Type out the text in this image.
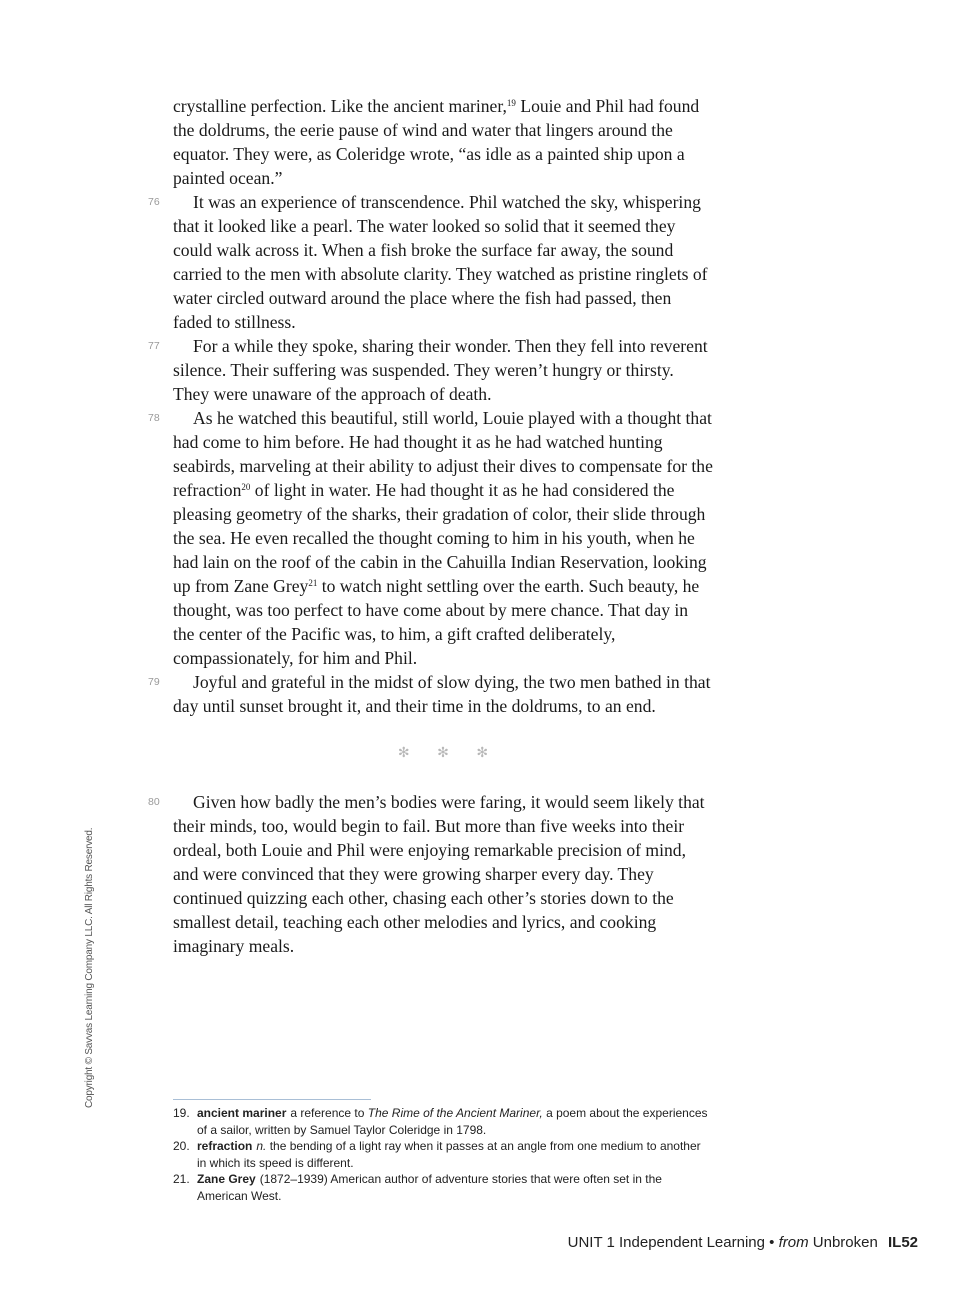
Copyright © Savvas Learning Company LLC. All Rights Reserved.
crystalline perfection. Like the ancient mariner,$^{19}$ Louie and Phil had found the doldrums, the eerie pause of wind and water that lingers around the equator. They were, as Coleridge wrote, “as idle as a painted ship upon a painted ocean.”
76	It was an experience of transcendence. Phil watched the sky, whispering that it looked like a pearl. The water looked so solid that it seemed they could walk across it. When a fish broke the surface far away, the sound carried to the men with absolute clarity. They watched as pristine ringlets of water circled outward around the place where the fish had passed, then faded to stillness.
77	For a while they spoke, sharing their wonder. Then they fell into reverent silence. Their suffering was suspended. They weren’t hungry or thirsty. They were unaware of the approach of death.
78	As he watched this beautiful, still world, Louie played with a thought that had come to him before. He had thought it as he had watched hunting seabirds, marveling at their ability to adjust their dives to compensate for the refraction$^{20}$ of light in water. He had thought it as he had considered the pleasing geometry of the sharks, their gradation of color, their slide through the sea. He even recalled the thought coming to him in his youth, when he had lain on the roof of the cabin in the Cahuilla Indian Reservation, looking up from Zane Grey$^{21}$ to watch night settling over the earth. Such beauty, he thought, was too perfect to have come about by mere chance. That day in the center of the Pacific was, to him, a gift crafted deliberately, compassionately, for him and Phil.
79	Joyful and grateful in the midst of slow dying, the two men bathed in that day until sunset brought it, and their time in the doldrums, to an end.
✻ ✻ ✻
80	Given how badly the men’s bodies were faring, it would seem likely that their minds, too, would begin to fail. But more than five weeks into their ordeal, both Louie and Phil were enjoying remarkable precision of mind, and were convinced that they were growing sharper every day. They continued quizzing each other, chasing each other’s stories down to the smallest detail, teaching each other melodies and lyrics, and cooking imaginary meals.
19. ancient mariner a reference to The Rime of the Ancient Mariner, a poem about the experiences of a sailor, written by Samuel Taylor Coleridge in 1798.
20. refraction n. the bending of a light ray when it passes at an angle from one medium to another in which its speed is different.
21. Zane Grey (1872–1939) American author of adventure stories that were often set in the American West.
UNIT 1 Independent Learning • from Unbroken IL52
